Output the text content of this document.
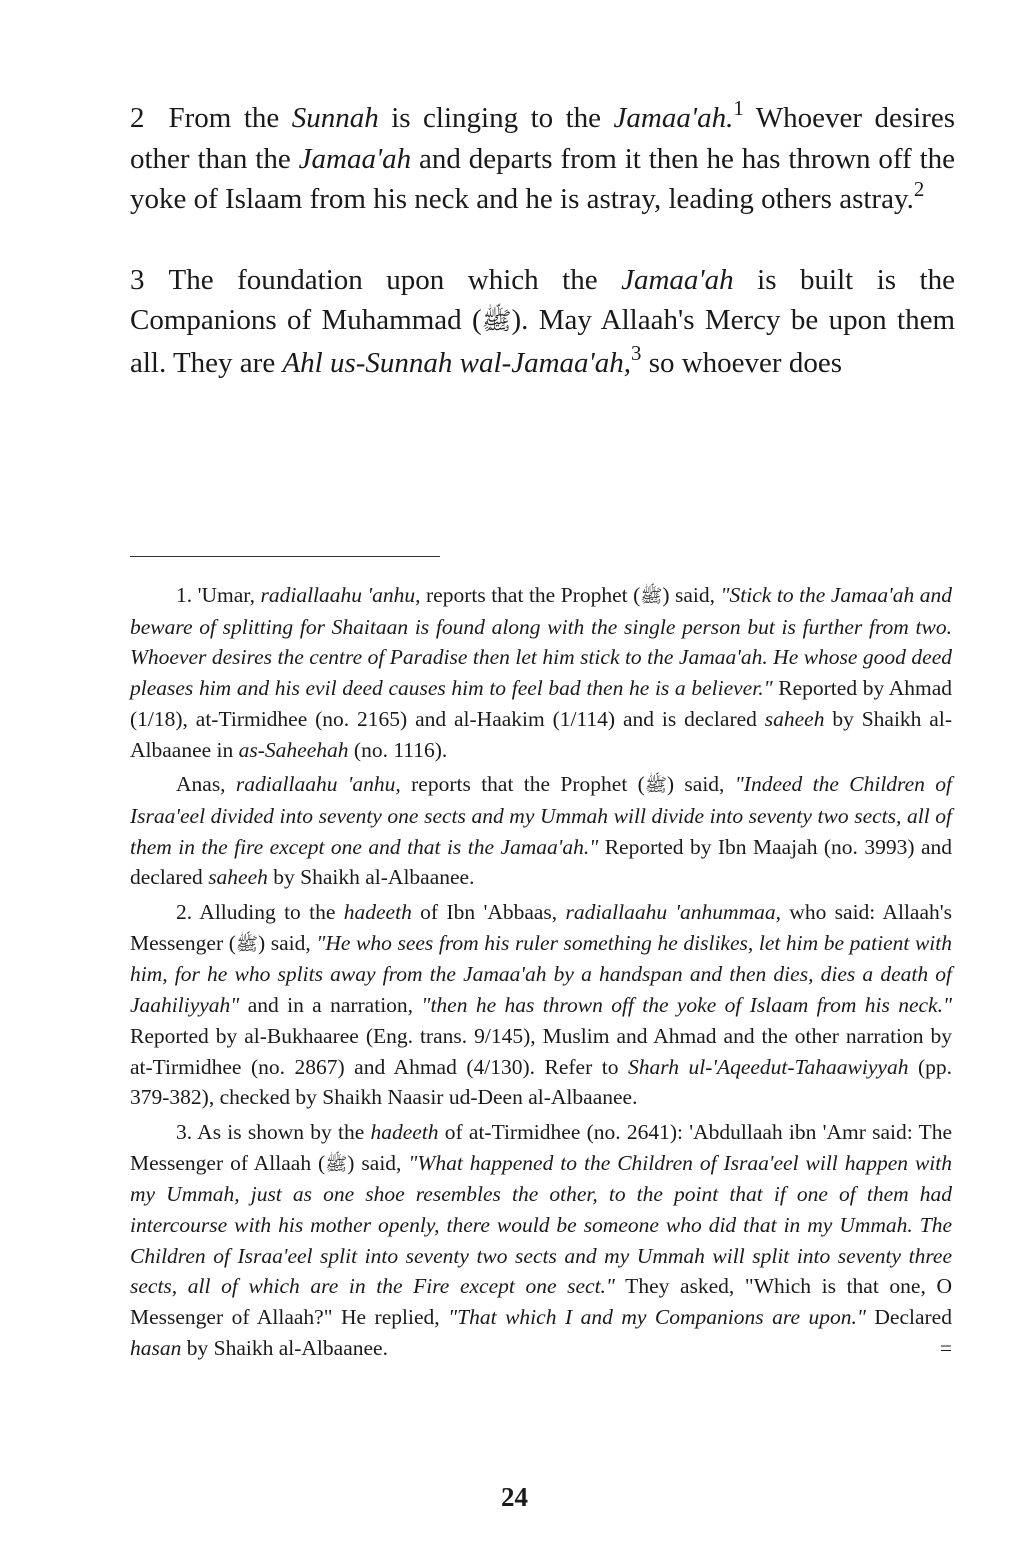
2 From the Sunnah is clinging to the Jamaa'ah.$^1$ Whoever desires other than the Jamaa'ah and departs from it then he has thrown off the yoke of Islaam from his neck and he is astray, leading others astray.$^2$

3 The foundation upon which the Jamaa'ah is built is the Companions of Muhammad (ﷺ). May Allaah's Mercy be upon them all. They are Ahl us-Sunnah wal-Jamaa'ah,$^3$ so whoever does

1. 'Umar, radiallaahu 'anhu, reports that the Prophet (ﷺ) said, "Stick to the Jamaa'ah and beware of splitting for Shaitaan is found along with the single person but is further from two. Whoever desires the centre of Paradise then let him stick to the Jamaa'ah. He whose good deed pleases him and his evil deed causes him to feel bad then he is a believer." Reported by Ahmad (1/18), at-Tirmidhee (no. 2165) and al-Haakim (1/114) and is declared saheeh by Shaikh al-Albaanee in as-Saheehah (no. 1116).

Anas, radiallaahu 'anhu, reports that the Prophet (ﷺ) said, "Indeed the Children of Israa'eel divided into seventy one sects and my Ummah will divide into seventy two sects, all of them in the fire except one and that is the Jamaa'ah." Reported by Ibn Maajah (no. 3993) and declared saheeh by Shaikh al-Albaanee.

2. Alluding to the hadeeth of Ibn 'Abbaas, radiallaahu 'anhummaa, who said: Allaah's Messenger (ﷺ) said, "He who sees from his ruler something he dislikes, let him be patient with him, for he who splits away from the Jamaa'ah by a handspan and then dies, dies a death of Jaahiliyyah" and in a narration, "then he has thrown off the yoke of Islaam from his neck." Reported by al-Bukhaaree (Eng. trans. 9/145), Muslim and Ahmad and the other narration by at-Tirmidhee (no. 2867) and Ahmad (4/130). Refer to Sharh ul-'Aqeedut-Tahaawiyyah (pp. 379-382), checked by Shaikh Naasir ud-Deen al-Albaanee.

3. As is shown by the hadeeth of at-Tirmidhee (no. 2641): 'Abdullaah ibn 'Amr said: The Messenger of Allaah (ﷺ) said, "What happened to the Children of Israa'eel will happen with my Ummah, just as one shoe resembles the other, to the point that if one of them had intercourse with his mother openly, there would be someone who did that in my Ummah. The Children of Israa'eel split into seventy two sects and my Ummah will split into seventy three sects, all of which are in the Fire except one sect." They asked, "Which is that one, O Messenger of Allaah?" He replied, "That which I and my Companions are upon." Declared hasan by Shaikh al-Albaanee.	=

24
